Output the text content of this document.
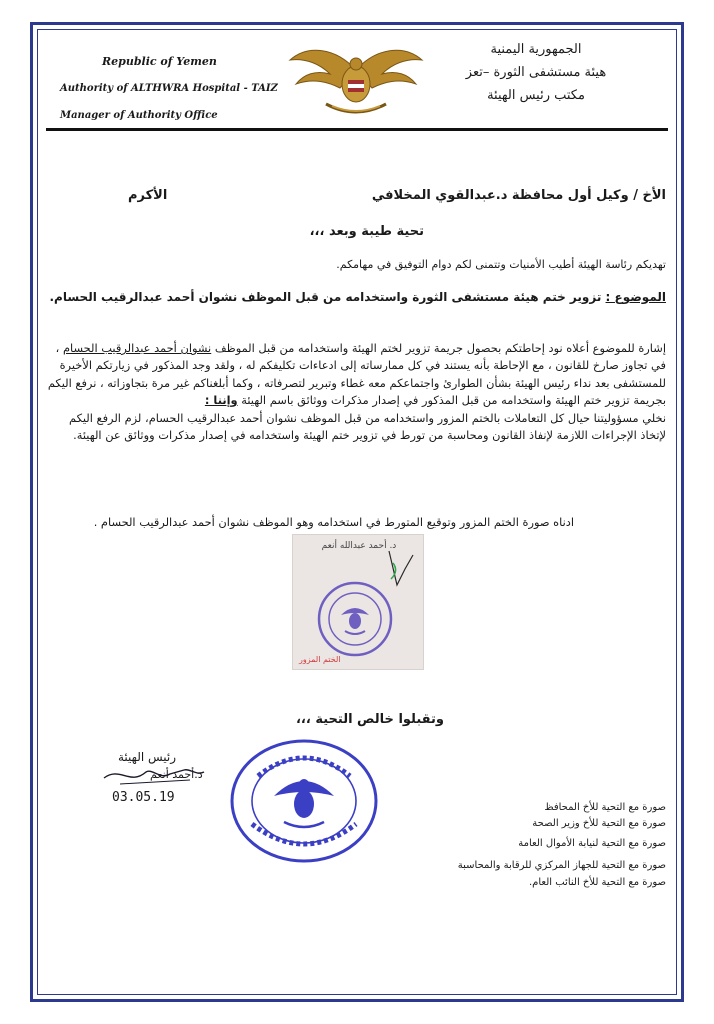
Republic of Yemen
Authority of ALTHWRA Hospital - TAIZ
Manager of Authority Office
الجمهورية اليمنية
هيئة مستشفى الثورة –تعز
مكتب رئيس الهيئة
الأخ / وكيل أول محافظة د.عبدالقوي المخلافي
الأكرم
تحية طيبة وبعد ،،،
تهديكم رئاسة الهيئة أطيب الأمنيات وتتمنى لكم دوام التوفيق في مهامكم.
الموضوع : تزوير ختم هيئة مستشفى الثورة واستخدامه من قبل الموظف نشوان أحمد عبدالرقيب الحسام.

إشارة للموضوع أعلاه نود إحاطتكم بحصول جريمة تزوير لختم الهيئة واستخدامه من قبل الموظف نشوان أحمد عبدالرقيب الحسام ، في تجاوز صارخ للقانون ، مع الإحاطة بأنه يستند في كل ممارساته إلى ادعاءات تكليفكم له ، ولقد وجد المذكور في زيارتكم الأخيرة للمستشفى بعد نداء رئيس الهيئة بشأن الطوارئ واجتماعكم معه غطاء وتبرير لتصرفاته ، وكما أبلغناكم غير مرة بتجاوزاته ، نرفع اليكم بجريمة تزوير ختم الهيئة واستخدامه من قبل المذكور في إصدار مذكرات ووثائق باسم الهيئة وإننا :

نخلي مسؤوليتنا حيال كل التعاملات بالختم المزور واستخدامه من قبل الموظف نشوان أحمد عبدالرقيب الحسام، لزم الرفع اليكم لإتخاذ الإجراءات اللازمة لإنفاذ القانون ومحاسبة من تورط في تزوير ختم الهيئة واستخدامه في إصدار مذكرات ووثائق عن الهيئة.

ادناه صورة الختم المزور وتوقيع المتورط في استخدامه وهو الموظف نشوان أحمد عبدالرقيب الحسام .
د. أحمد عبدالله أنعم
الختم المزور
وتقبلوا خالص التحية ،،،
رئيس الهيئة
د.أحمد أنعم
03.05.19
صورة مع التحية للأخ المحافظ
صورة مع التحية للأخ وزير الصحة
صورة مع التحية لنيابة الأموال العامة
صورة مع التحية للجهاز المركزي للرقابة والمحاسبة
صورة مع التحية للأخ النائب العام.
